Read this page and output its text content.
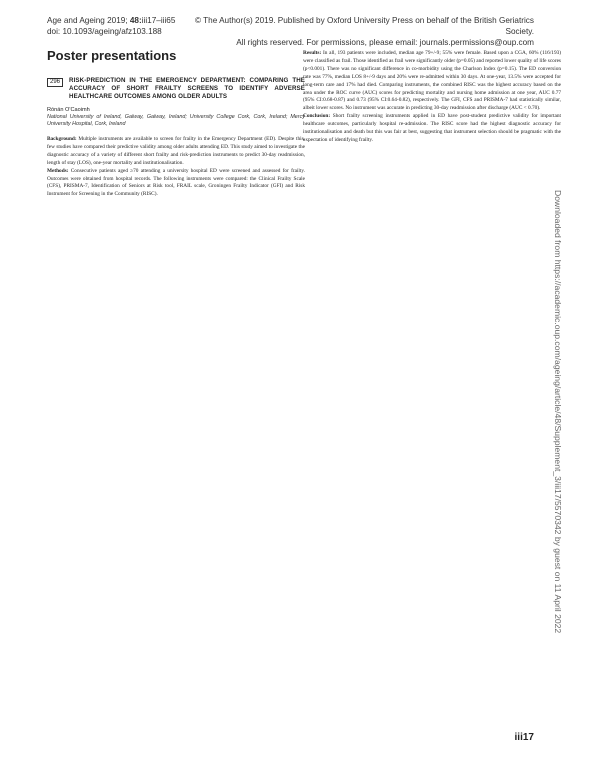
Age and Ageing 2019; 48:iii17–iii65
doi: 10.1093/ageing/afz103.188
© The Author(s) 2019. Published by Oxford University Press on behalf of the British Geriatrics Society.
All rights reserved. For permissions, please email: journals.permissions@oup.com
Poster presentations
296	RISK-PREDICTION IN THE EMERGENCY DEPARTMENT: COMPARING THE ACCURACY OF SHORT FRAILTY SCREENS TO IDENTIFY ADVERSE HEALTHCARE OUTCOMES AMONG OLDER ADULTS
Rónán O'Caoimh
National University of Ireland, Galway, Galway, Ireland; University College Cork, Cork, Ireland; Mercy University Hospital, Cork, Ireland

Background: Multiple instruments are available to screen for frailty in the Emergency Department (ED). Despite this, few studies have compared their predictive validity among older adults attending ED. This study aimed to investigate the diagnostic accuracy of a variety of different short frailty and risk-prediction instruments to predict 30-day readmission, length of stay (LOS), one-year mortality and institutionalisation.

Methods: Consecutive patients aged ≥70 attending a university hospital ED were screened and assessed for frailty. Outcomes were obtained from hospital records. The following instruments were compared: the Clinical Frailty Scale (CFS), PRISMA-7, Identification of Seniors at Risk tool, FRAIL scale, Groningen Frailty Indicator (GFI) and Risk Instrument for Screening in the Community (RISC).

Results: In all, 193 patients were included, median age 79+/-9; 55% were female. Based upon a CGA, 60% (116/193) were classified as frail. Those identified as frail were significantly older (p=0.05) and reported lower quality of life scores (p<0.001). There was no significant difference in co-morbidity using the Charlson Index (p=0.15). The ED conversion rate was 77%, median LOS 8+/-9 days and 20% were re-admitted within 30 days. At one-year, 13.5% were accepted for long-term care and 17% had died. Comparing instruments, the combined RISC was the highest accuracy based on the area under the ROC curve (AUC) scores for predicting mortality and nursing home admission at one year, AUC 0.77 (95% CI:0.68-0.87) and 0.73 (95% CI:0.64-0.82), respectively. The GFI, CFS and PRISMA-7 had statistically similar, albeit lower scores. No instrument was accurate in predicting 30-day readmission after discharge (AUC < 0.70).

Conclusion: Short frailty screening instruments applied in ED have post-student predictive validity for important healthcare outcomes, particularly hospital re-admission. The RISC score had the highest diagnostic accuracy for institutionalisation and death but this was fair at best, suggesting that instrument selection should be pragmatic with the expectation of identifying frailty.

Downloaded from https://academic.oup.com/ageing/article/48/Supplement_3/iii17/5570342 by guest on 11 April 2022
iii17
